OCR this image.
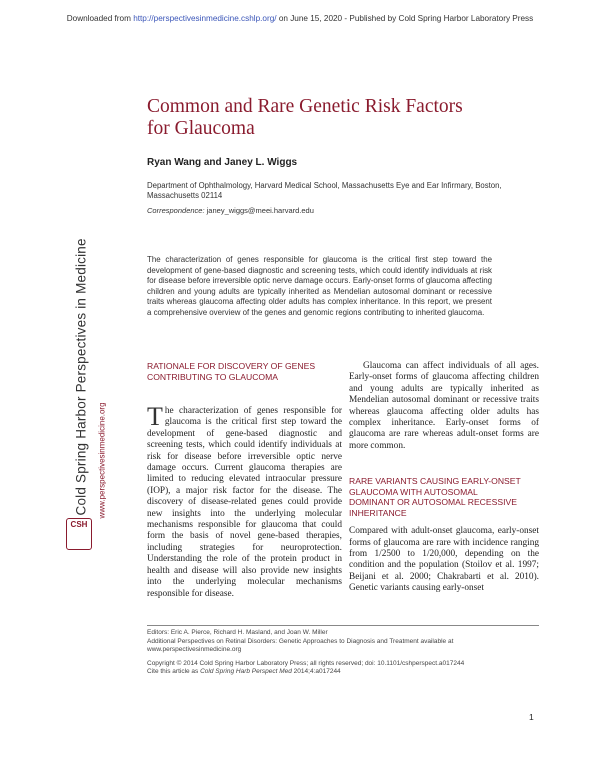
Downloaded from http://perspectivesinmedicine.cshlp.org/ on June 15, 2020 - Published by Cold Spring Harbor Laboratory Press
Cold Spring Harbor Perspectives in Medicine www.perspectivesinmedicine.org
CSH
Common and Rare Genetic Risk Factors
for Glaucoma
Ryan Wang and Janey L. Wiggs
Department of Ophthalmology, Harvard Medical School, Massachusetts Eye and Ear Infirmary, Boston, Massachusetts 02114
Correspondence: janey_wiggs@meei.harvard.edu

The characterization of genes responsible for glaucoma is the critical first step toward the development of gene-based diagnostic and screening tests, which could identify individuals at risk for disease before irreversible optic nerve damage occurs. Early-onset forms of glaucoma affecting children and young adults are typically inherited as Mendelian autosomal dominant or recessive traits whereas glaucoma affecting older adults has complex inheritance. In this report, we present a comprehensive overview of the genes and genomic regions contributing to inherited glaucoma.

RATIONALE FOR DISCOVERY OF GENES
CONTRIBUTING TO GLAUCOMA

The characterization of genes responsible for glaucoma is the critical first step toward the development of gene-based diagnostic and screening tests, which could identify individuals at risk for disease before irreversible optic nerve damage occurs. Current glaucoma therapies are limited to reducing elevated intraocular pressure (IOP), a major risk factor for the disease. The discovery of disease-related genes could provide new insights into the underlying molecular mechanisms responsible for glaucoma that could form the basis of novel gene-based therapies, including strategies for neuroprotection. Understanding the role of the protein product in health and disease will also provide new insights into the underlying molecular mechanisms responsible for disease.

Glaucoma can affect individuals of all ages. Early-onset forms of glaucoma affecting children and young adults are typically inherited as Mendelian autosomal dominant or recessive traits whereas glaucoma affecting older adults has complex inheritance. Early-onset forms of glaucoma are rare whereas adult-onset forms are more common.

RARE VARIANTS CAUSING EARLY-ONSET
GLAUCOMA WITH AUTOSOMAL
DOMINANT OR AUTOSOMAL RECESSIVE
INHERITANCE

Compared with adult-onset glaucoma, early-onset forms of glaucoma are rare with incidence ranging from 1/2500 to 1/20,000, depending on the condition and the population (Stoilov et al. 1997; Beijani et al. 2000; Chakrabarti et al. 2010). Genetic variants causing early-onset

Editors: Eric A. Pierce, Richard H. Masland, and Joan W. Miller
Additional Perspectives on Retinal Disorders: Genetic Approaches to Diagnosis and Treatment available at www.perspectivesinmedicine.org
Copyright © 2014 Cold Spring Harbor Laboratory Press; all rights reserved; doi: 10.1101/cshperspect.a017244
Cite this article as Cold Spring Harb Perspect Med 2014;4:a017244
1
